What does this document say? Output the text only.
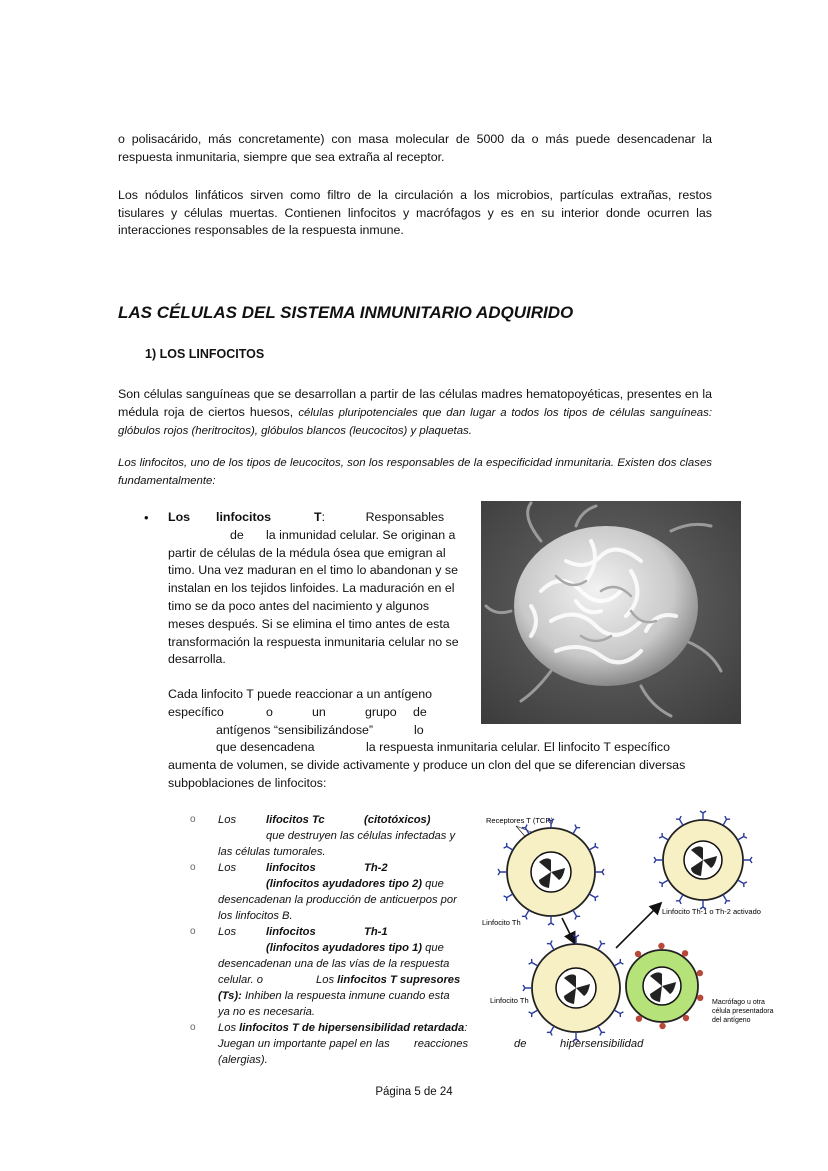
o polisacárido, más concretamente) con masa molecular de 5000 da o más puede desencadenar la respuesta inmunitaria, siempre que sea extraña al receptor.
Los nódulos linfáticos sirven como filtro de la circulación a los microbios, partículas extrañas, restos tisulares y células muertas. Contienen linfocitos y macrófagos y es en su interior donde ocurren las interacciones responsables de la respuesta inmune.
LAS CÉLULAS DEL SISTEMA INMUNITARIO ADQUIRIDO
1) LOS LINFOCITOS
Son células sanguíneas que se desarrollan a partir de las células madres hematopoyéticas, presentes en la médula roja de ciertos huesos, células pluripotenciales que dan lugar a todos los tipos de células sanguíneas: glóbulos rojos (heritrocitos), glóbulos blancos (leucocitos) y plaquetas.
Los linfocitos, uno de los tipos de leucocitos, son los responsables de la especificidad inmunitaria. Existen dos clases fundamentalmente:
• Los linfocitos	T:	Responsables
de la inmunidad celular. Se originan a
partir de células de la médula ósea que emigran al timo. Una vez maduran en el timo lo abandonan y se instalan en los tejidos linfoides. La maduración en el timo se da poco antes del nacimiento y algunos meses después. Si se elimina el timo antes de esta transformación la respuesta inmunitaria celular no se desarrolla.
Cada linfocito T puede reaccionar a un antígeno
específico	o	un	grupo de
antígenos “sensibilizándose”	lo
que desencadena	la respuesta inmunitaria celular. El linfocito T específico
aumenta de volumen, se divide activamente y produce un clon del que se diferencian diversas subpoblaciones de linfocitos:
o Los	lifocitos Tc	(citotóxicos)
que destruyen las células infectadas y
las células tumorales.
o Los	linfocitos	Th-2
(linfocitos ayudadores tipo 2) que
desencadenan la producción de anticuerpos por
los linfocitos B.
o Los	linfocitos	Th-1
(linfocitos ayudadores tipo 1) que
desencadenan una de las vías de la respuesta
celular. o	Los linfocitos T supresores
(Ts): Inhiben la respuesta inmune cuando esta
ya no es necesaria.
o Los linfocitos T de hipersensibilidad retardada:
Juegan un importante papel en las reacciones	de	hipersensibilidad
(alergias).
Receptores T (TCR)
Linfocito Th
Linfocito Th-1 o Th-2 activado
Linfocito Th	Macrófago u otra
célula presentadora
del antígeno
Página 5 de 24
